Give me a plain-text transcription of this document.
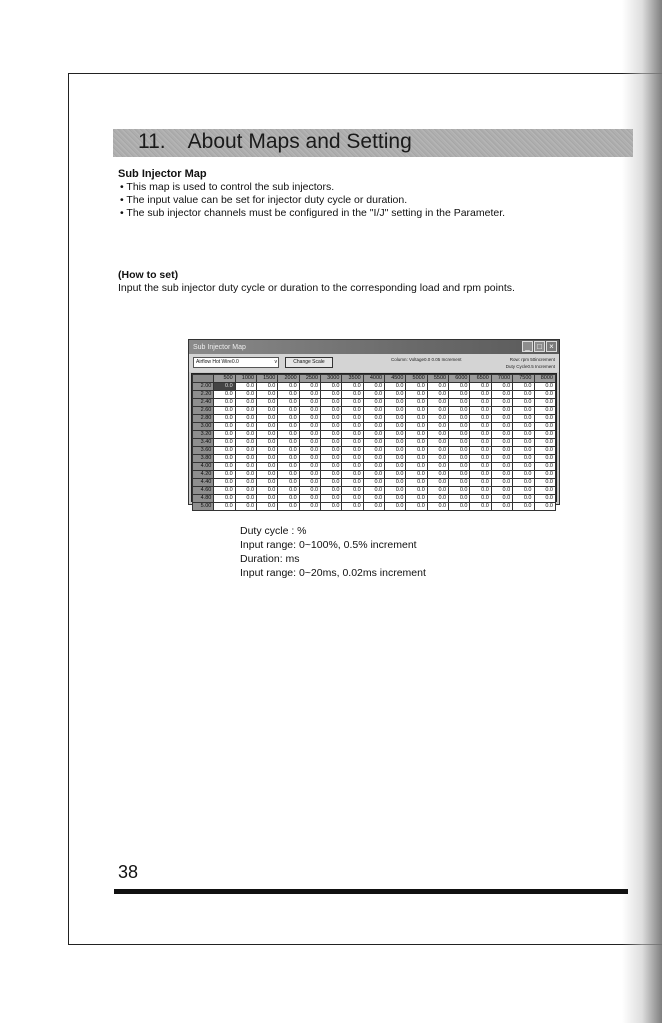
11. About Maps and Setting
Sub Injector Map
• This map is used to control the sub injectors.
• The input value can be set for injector duty cycle or duration.
• The sub injector channels must be configured in the "I/J" setting in the Parameter.
(How to set)
Input the sub injector duty cycle or duration to the corresponding load and rpm points.
Sub Injector Map	_ □ ×
Airflow Hot Wire0.0	v	Change Scale	Column: Voltage0.0 0.05 Increment	Row: rpm 50increment
Duty Cycle0.5 Increment
	500	1000	1500	2000	2500	3000	3500	4000	4500	5000	5500	6000	6500	7000	7500	8000
2.00	0.0	0.0	0.0	0.0	0.0	0.0	0.0	0.0	0.0	0.0	0.0	0.0	0.0	0.0	0.0	0.0
2.20	0.0	0.0	0.0	0.0	0.0	0.0	0.0	0.0	0.0	0.0	0.0	0.0	0.0	0.0	0.0	0.0
2.40	0.0	0.0	0.0	0.0	0.0	0.0	0.0	0.0	0.0	0.0	0.0	0.0	0.0	0.0	0.0	0.0
2.60	0.0	0.0	0.0	0.0	0.0	0.0	0.0	0.0	0.0	0.0	0.0	0.0	0.0	0.0	0.0	0.0
2.80	0.0	0.0	0.0	0.0	0.0	0.0	0.0	0.0	0.0	0.0	0.0	0.0	0.0	0.0	0.0	0.0
3.00	0.0	0.0	0.0	0.0	0.0	0.0	0.0	0.0	0.0	0.0	0.0	0.0	0.0	0.0	0.0	0.0
3.20	0.0	0.0	0.0	0.0	0.0	0.0	0.0	0.0	0.0	0.0	0.0	0.0	0.0	0.0	0.0	0.0
3.40	0.0	0.0	0.0	0.0	0.0	0.0	0.0	0.0	0.0	0.0	0.0	0.0	0.0	0.0	0.0	0.0
3.60	0.0	0.0	0.0	0.0	0.0	0.0	0.0	0.0	0.0	0.0	0.0	0.0	0.0	0.0	0.0	0.0
3.80	0.0	0.0	0.0	0.0	0.0	0.0	0.0	0.0	0.0	0.0	0.0	0.0	0.0	0.0	0.0	0.0
4.00	0.0	0.0	0.0	0.0	0.0	0.0	0.0	0.0	0.0	0.0	0.0	0.0	0.0	0.0	0.0	0.0
4.20	0.0	0.0	0.0	0.0	0.0	0.0	0.0	0.0	0.0	0.0	0.0	0.0	0.0	0.0	0.0	0.0
4.40	0.0	0.0	0.0	0.0	0.0	0.0	0.0	0.0	0.0	0.0	0.0	0.0	0.0	0.0	0.0	0.0
4.60	0.0	0.0	0.0	0.0	0.0	0.0	0.0	0.0	0.0	0.0	0.0	0.0	0.0	0.0	0.0	0.0
4.80	0.0	0.0	0.0	0.0	0.0	0.0	0.0	0.0	0.0	0.0	0.0	0.0	0.0	0.0	0.0	0.0
5.00	0.0	0.0	0.0	0.0	0.0	0.0	0.0	0.0	0.0	0.0	0.0	0.0	0.0	0.0	0.0	0.0
Duty cycle : %
Input range: 0~100%, 0.5% increment
Duration: ms
Input range: 0~20ms, 0.02ms increment
38
